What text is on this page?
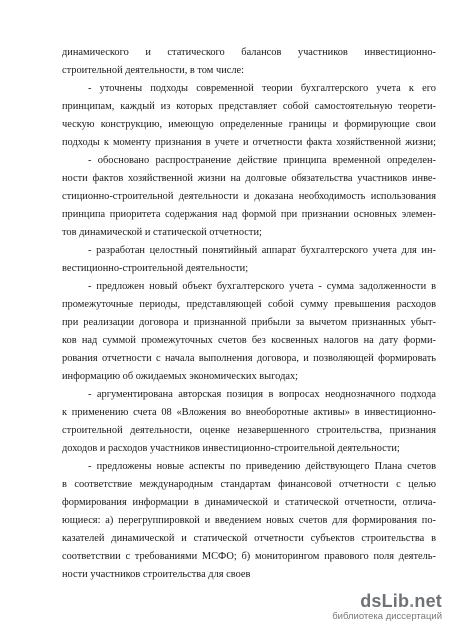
динамического и статического балансов участников инвестиционно-
строительной деятельности, в том числе:
- уточнены подходы современной теории бухгалтерского учета к его
принципам, каждый из которых представляет собой самостоятельную теорети-
ческую конструкцию, имеющую определенные границы и формирующие свои
подходы к моменту признания в учете и отчетности факта хозяйственной жизни;
- обосновано распространение действие принципа временной определен-
ности фактов хозяйственной жизни на долговые обязательства участников инве-
стиционно-строительной деятельности и доказана необходимость использования
принципа приоритета содержания над формой при признании основных элемен-
тов динамической и статической отчетности;
- разработан целостный понятийный аппарат бухгалтерского учета для ин-
вестиционно-строительной деятельности;
- предложен новый объект бухгалтерского учета - сумма задолженности в
промежуточные периоды, представляющей собой сумму превышения расходов
при реализации договора и признанной прибыли за вычетом признанных убыт-
ков над суммой промежуточных счетов без косвенных налогов на дату форми-
рования отчетности с начала выполнения договора, и позволяющей формировать
информацию об ожидаемых экономических выгодах;
- аргументирована авторская позиция в вопросах неоднозначного подхода
к применению счета 08 «Вложения во внеоборотные активы» в инвестиционно-
строительной деятельности, оценке незавершенного строительства, признания
доходов и расходов участников инвестиционно-строительной деятельности;
- предложены новые аспекты по приведению действующего Плана счетов
в соответствие международным стандартам финансовой отчетности с целью
формирования информации в динамической и статической отчетности, отлича-
ющиеся: а) перегруппировкой и введением новых счетов для формирования по-
казателей динамической и статической отчетности субъектов строительства в
соответствии с требованиями МСФО; б) мониторингом правового поля деятель-
ности участников строительства для своев
dsLib.net
библиотека диссертаций
